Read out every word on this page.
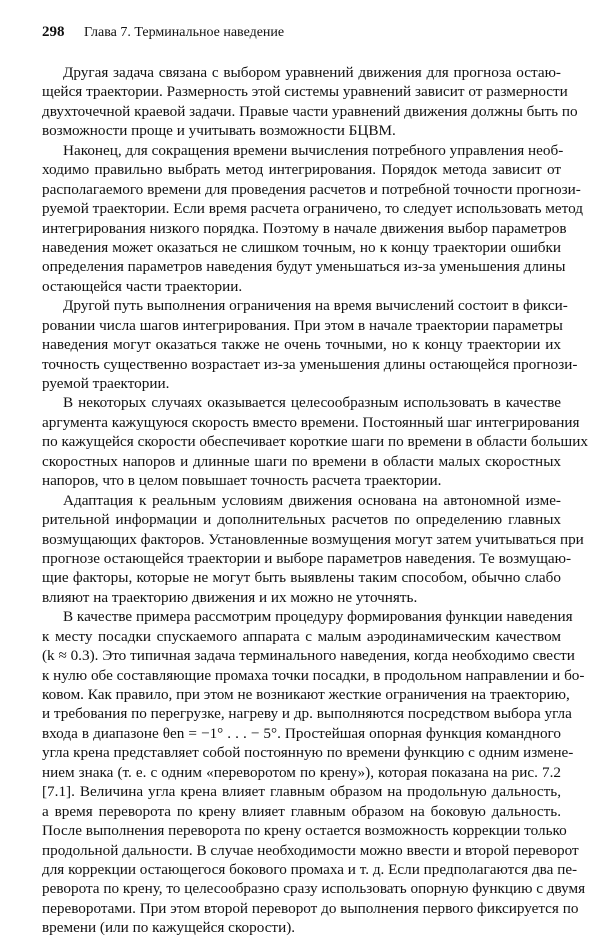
298 Глава 7. Терминальное наведение
Другая задача связана с выбором уравнений движения для прогноза остаю-
щейся траектории. Размерность этой системы уравнений зависит от размерности
двухточечной краевой задачи. Правые части уравнений движения должны быть по
возможности проще и учитывать возможности БЦВМ.
Наконец, для сокращения времени вычисления потребного управления необ-
ходимо правильно выбрать метод интегрирования. Порядок метода зависит от
располагаемого времени для проведения расчетов и потребной точности прогнози-
руемой траектории. Если время расчета ограничено, то следует использовать метод
интегрирования низкого порядка. Поэтому в начале движения выбор параметров
наведения может оказаться не слишком точным, но к концу траектории ошибки
определения параметров наведения будут уменьшаться из-за уменьшения длины
остающейся части траектории.
Другой путь выполнения ограничения на время вычислений состоит в фикси-
ровании числа шагов интегрирования. При этом в начале траектории параметры
наведения могут оказаться также не очень точными, но к концу траектории их
точность существенно возрастает из-за уменьшения длины остающейся прогнози-
руемой траектории.
В некоторых случаях оказывается целесообразным использовать в качестве
аргумента кажущуюся скорость вместо времени. Постоянный шаг интегрирования
по кажущейся скорости обеспечивает короткие шаги по времени в области больших
скоростных напоров и длинные шаги по времени в области малых скоростных
напоров, что в целом повышает точность расчета траектории.
Адаптация к реальным условиям движения основана на автономной изме-
рительной информации и дополнительных расчетов по определению главных
возмущающих факторов. Установленные возмущения могут затем учитываться при
прогнозе остающейся траектории и выборе параметров наведения. Те возмущаю-
щие факторы, которые не могут быть выявлены таким способом, обычно слабо
влияют на траекторию движения и их можно не уточнять.
В качестве примера рассмотрим процедуру формирования функции наведения
к месту посадки спускаемого аппарата с малым аэродинамическим качеством
(k ≈ 0.3). Это типичная задача терминального наведения, когда необходимо свести
к нулю обе составляющие промаха точки посадки, в продольном направлении и бо-
ковом. Как правило, при этом не возникают жесткие ограничения на траекторию,
и требования по перегрузке, нагреву и др. выполняются посредством выбора угла
входа в диапазоне θen = −1° . . . − 5°. Простейшая опорная функция командного
угла крена представляет собой постоянную по времени функцию с одним измене-
нием знака (т. е. с одним «переворотом по крену»), которая показана на рис. 7.2
[7.1]. Величина угла крена влияет главным образом на продольную дальность,
а время переворота по крену влияет главным образом на боковую дальность.
После выполнения переворота по крену остается возможность коррекции только
продольной дальности. В случае необходимости можно ввести и второй переворот
для коррекции остающегося бокового промаха и т. д. Если предполагаются два пе-
реворота по крену, то целесообразно сразу использовать опорную функцию с двумя
переворотами. При этом второй переворот до выполнения первого фиксируется по
времени (или по кажущейся скорости).
